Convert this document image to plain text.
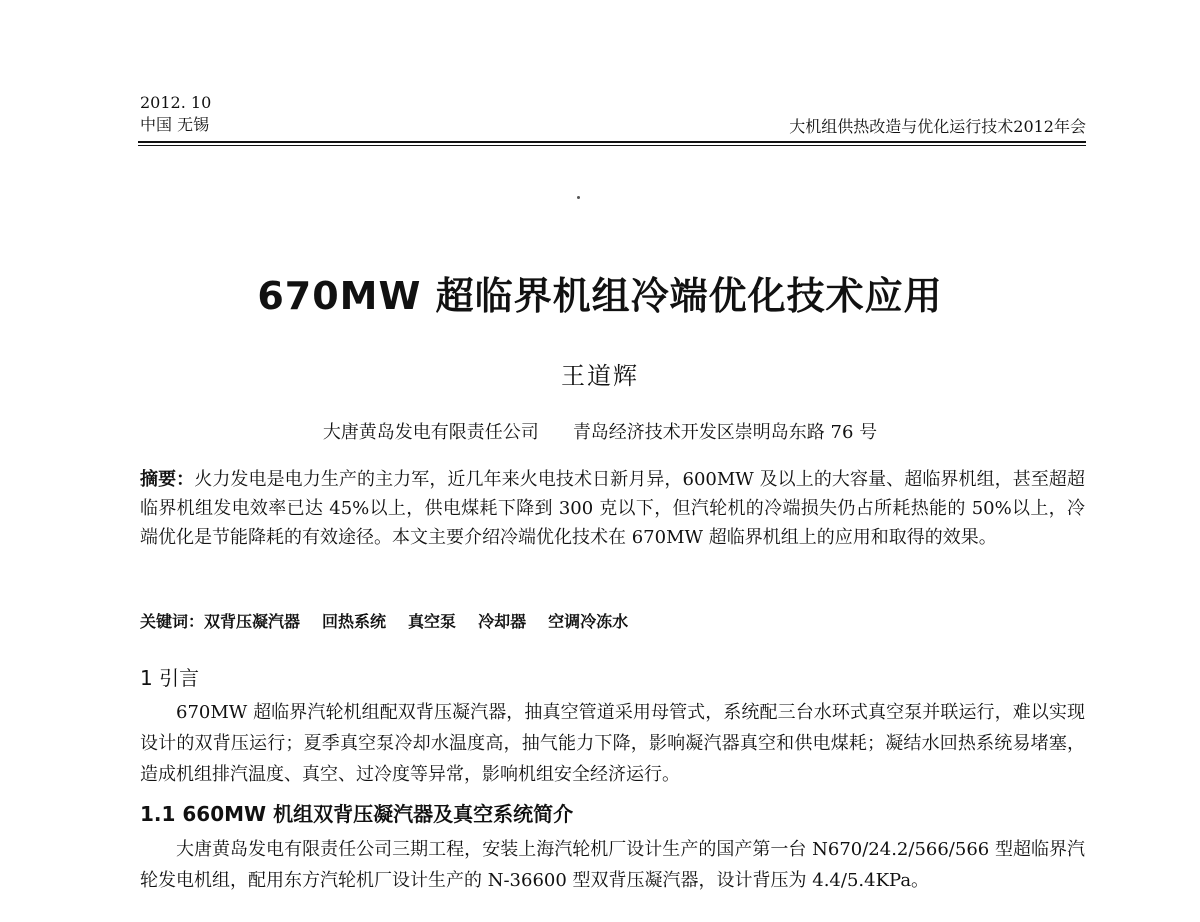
2012. 10
中国 无锡	大机组供热改造与优化运行技术2012年会
670MW 超临界机组冷端优化技术应用
王道辉
大唐黄岛发电有限责任公司 青岛经济技术开发区崇明岛东路 76 号
摘要：火力发电是电力生产的主力军，近几年来火电技术日新月异，600MW 及以上的大容量、超临界机组，甚至超超临界机组发电效率已达 45%以上，供电煤耗下降到 300 克以下，但汽轮机的冷端损失仍占所耗热能的 50%以上，冷端优化是节能降耗的有效途径。本文主要介绍冷端优化技术在 670MW 超临界机组上的应用和取得的效果。
关键词：双背压凝汽器 回热系统 真空泵 冷却器 空调冷冻水
1 引言
670MW 超临界汽轮机组配双背压凝汽器，抽真空管道采用母管式，系统配三台水环式真空泵并联运行，难以实现设计的双背压运行；夏季真空泵冷却水温度高，抽气能力下降，影响凝汽器真空和供电煤耗；凝结水回热系统易堵塞，造成机组排汽温度、真空、过冷度等异常，影响机组安全经济运行。
1.1 660MW 机组双背压凝汽器及真空系统简介
大唐黄岛发电有限责任公司三期工程，安装上海汽轮机厂设计生产的国产第一台 N670/24.2/566/566 型超临界汽轮发电机组，配用东方汽轮机厂设计生产的 N-36600 型双背压凝汽器，设计背压为 4.4/5.4KPa。
